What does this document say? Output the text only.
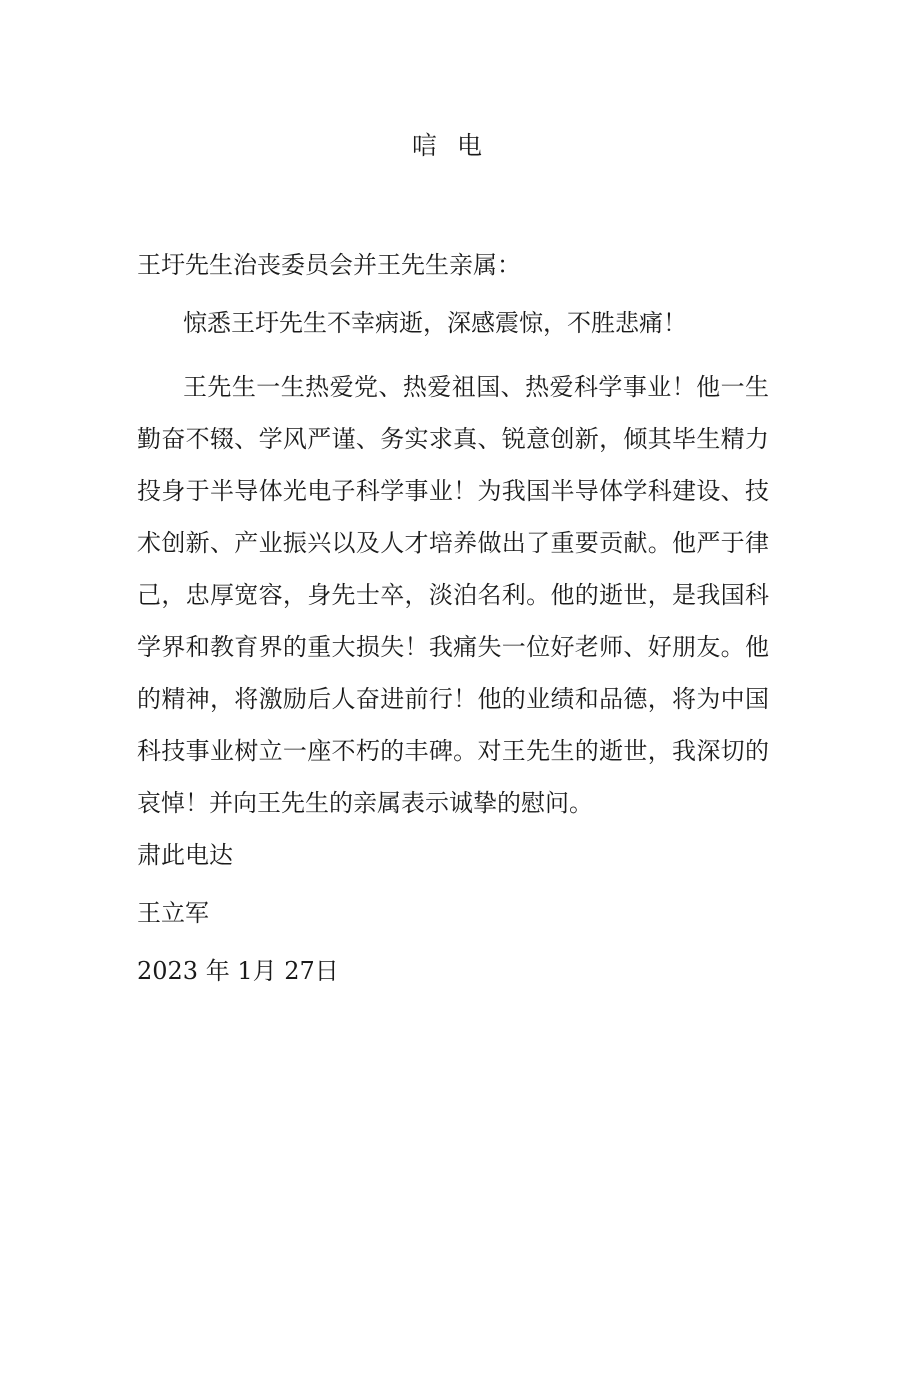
唁 电

王圩先生治丧委员会并王先生亲属：

惊悉王圩先生不幸病逝，深感震惊，不胜悲痛！

王先生一生热爱党、热爱祖国、热爱科学事业！他一生勤奋不辍、学风严谨、务实求真、锐意创新，倾其毕生精力投身于半导体光电子科学事业！为我国半导体学科建设、技术创新、产业振兴以及人才培养做出了重要贡献。他严于律己，忠厚宽容，身先士卒，淡泊名利。他的逝世，是我国科学界和教育界的重大损失！我痛失一位好老师、好朋友。他的精神，将激励后人奋进前行！他的业绩和品德，将为中国科技事业树立一座不朽的丰碑。对王先生的逝世，我深切的哀悼！并向王先生的亲属表示诚挚的慰问。

肃此电达

王立军

2023 年 1月 27日
